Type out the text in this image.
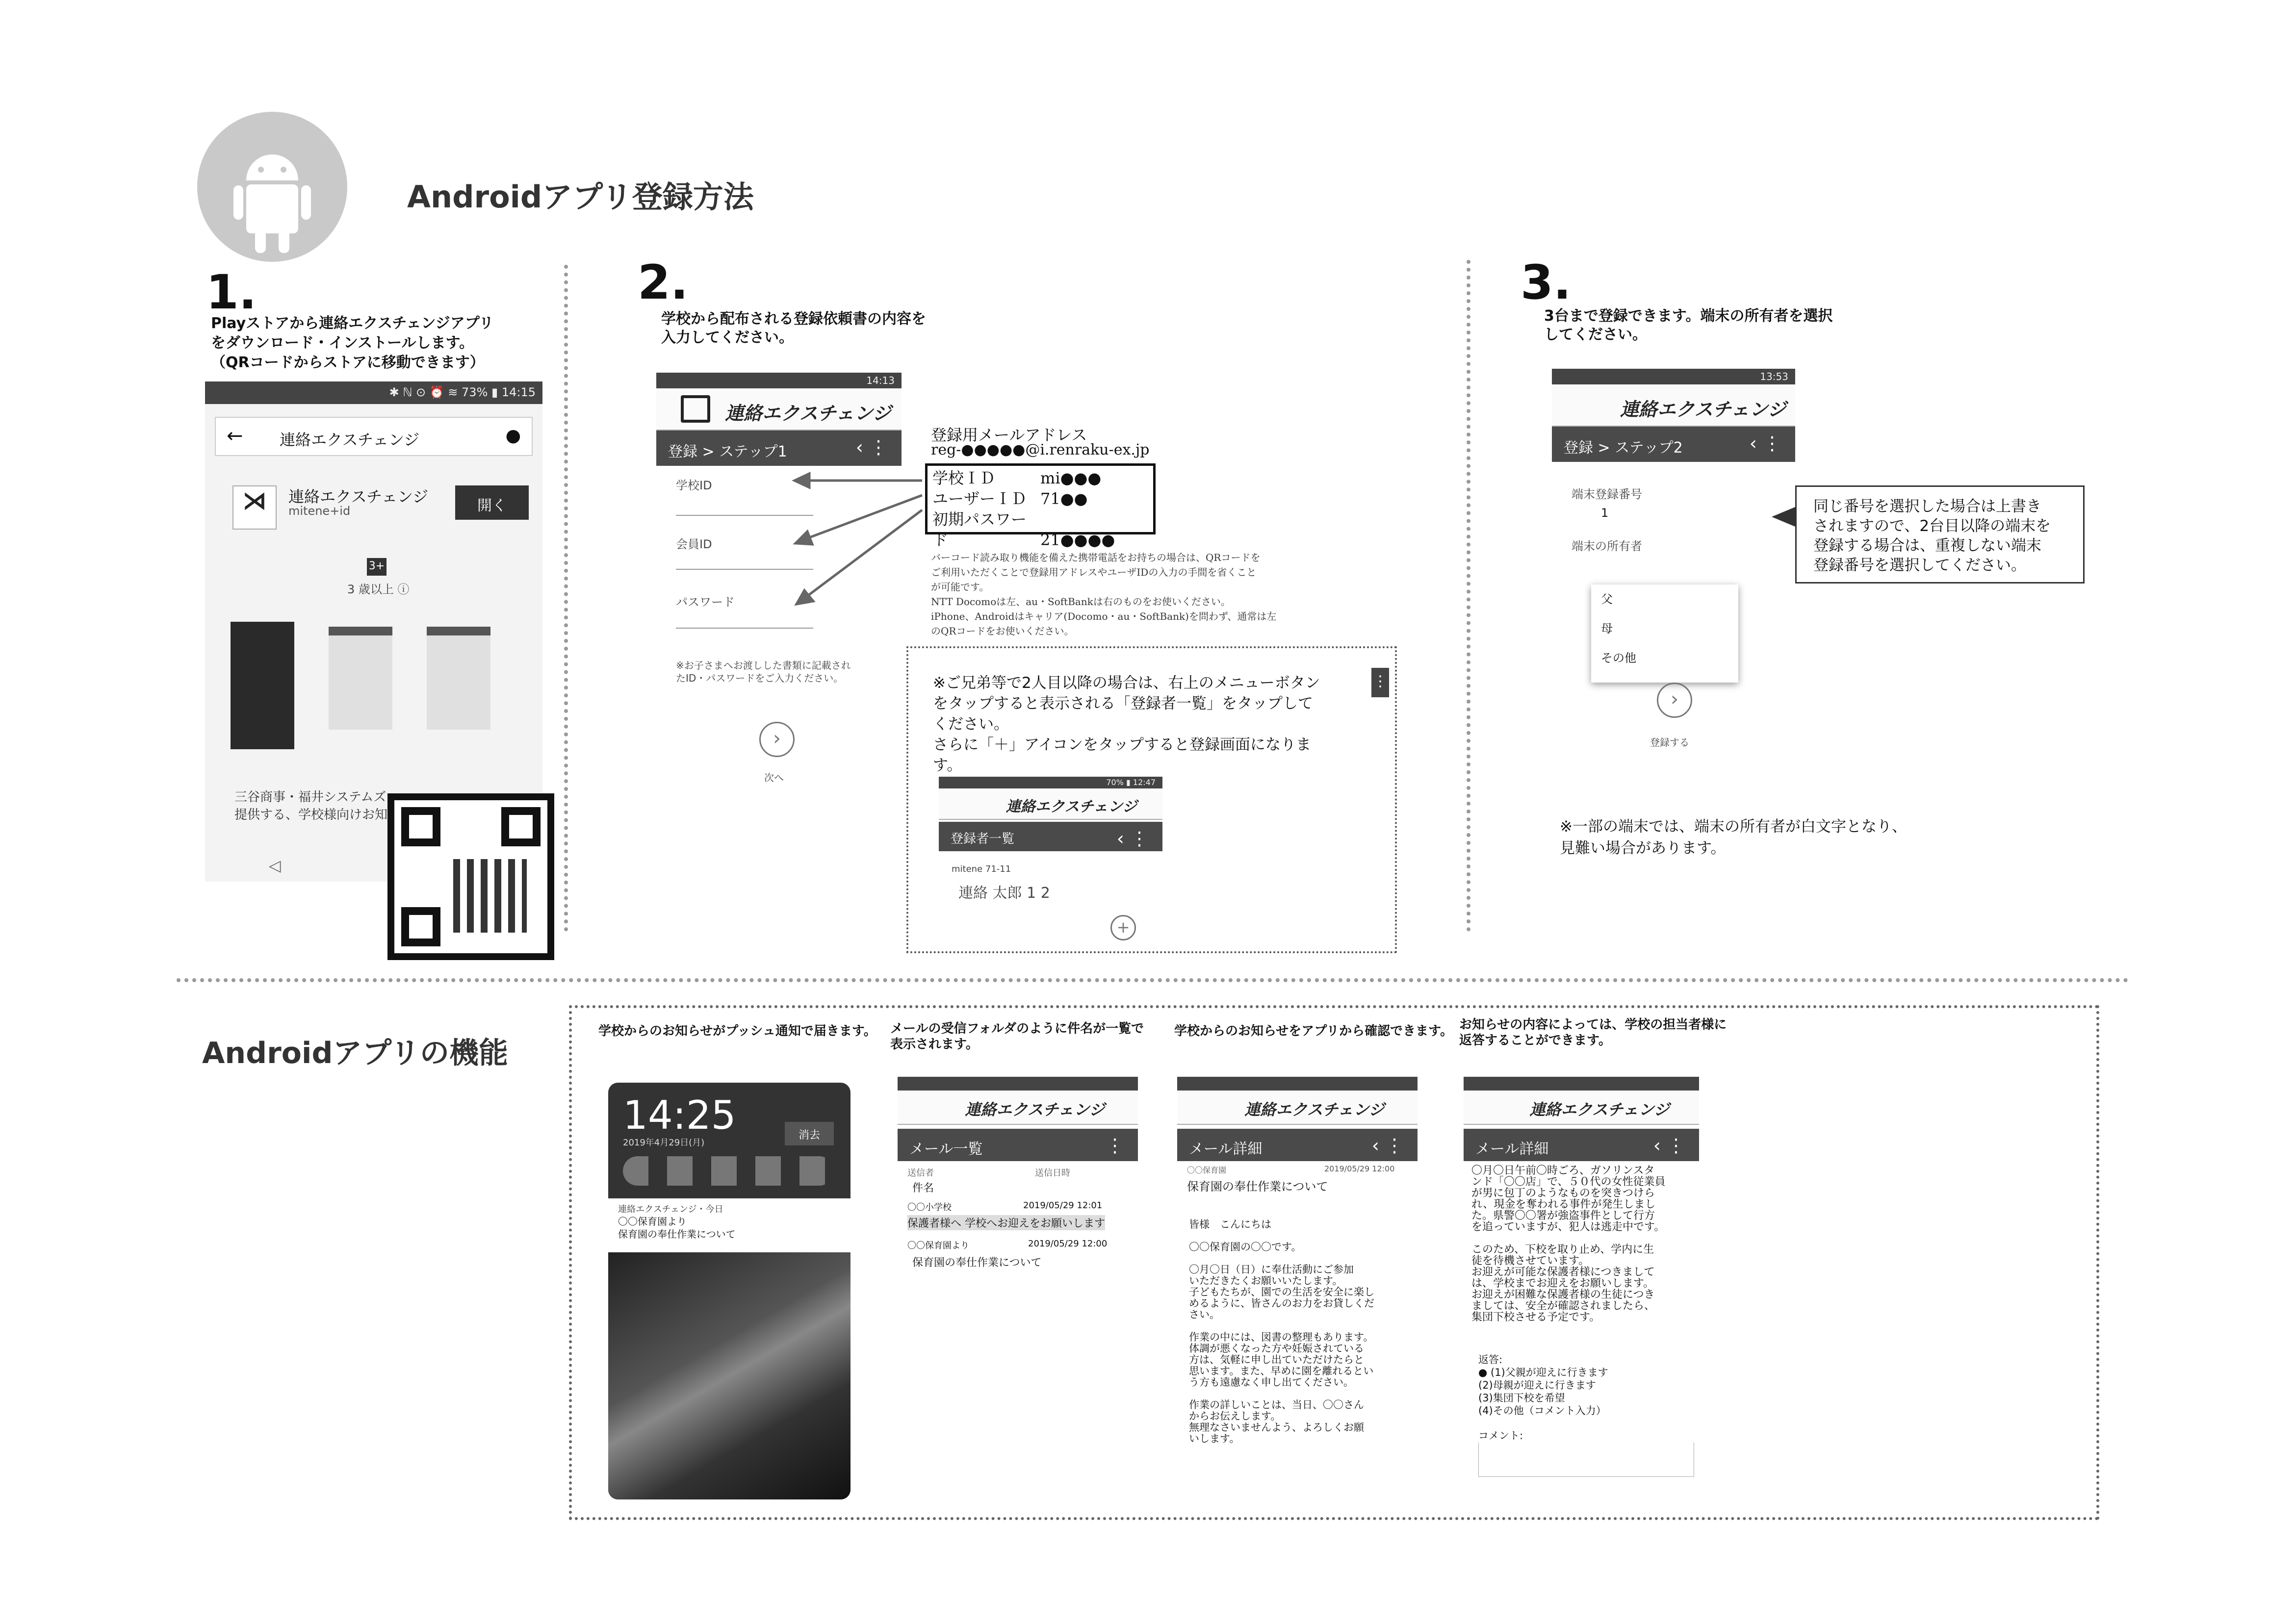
Androidアプリ登録方法
1.
Playストアから連絡エクスチェンジアプリ
をダウンロード・インストールします。
（QRコードからストアに移動できます）
✱ ℕ ⊙ ⏰ ≋ 73% ▮ 14:15
← 連絡エクスチェンジ	●
⋊	連絡エクスチェンジ
mitene+id	開く
3+
3 歳以上 ⓘ
三谷商事・福井システムズ
提供する、学校様向けお知
◁
2.
学校から配布される登録依頼書の内容を
入力してください。
14:13
連絡エクスチェンジ
登録 > ステップ1	‹ ⋮
学校ID
会員ID
パスワード
※お子さまへお渡しした書類に記載され
たID・パスワードをご入力ください。
›
次へ
登録用メールアドレス
reg-●●●●●@i.renraku-ex.jp
学校ＩＤ	mi●●●
ユーザーＩＤ 71●●
初期パスワード	21●●●●
バーコード読み取り機能を備えた携帯電話をお持ちの場合は、QRコードを
ご利用いただくことで登録用アドレスやユーザIDの入力の手間を省くこと
が可能です。
NTT Docomoは左、au・SoftBankは右のものをお使いください。
iPhone、Androidはキャリア(Docomo・au・SoftBank)を問わず、通常は左
のQRコードをお使いください。
※ご兄弟等で2人目以降の場合は、右上のメニューボタン
をタップすると表示される「登録者一覧」をタップして
ください。
さらに「＋」アイコンをタップすると登録画面になりま
す。
⋮
70% ▮ 12:47
連絡エクスチェンジ
登録者一覧	‹ ⋮
mitene 71-11
連絡 太郎 1 2
+
3.
3台まで登録できます。端末の所有者を選択
してください。
13:53
連絡エクスチェンジ
登録 > ステップ2	‹ ⋮
端末登録番号
1
端末の所有者
父
母
その他
›
登録する
同じ番号を選択した場合は上書き
されますので、2台目以降の端末を
登録する場合は、重複しない端末
登録番号を選択してください。
※一部の端末では、端末の所有者が白文字となり、
見難い場合があります。
Androidアプリの機能
学校からのお知らせがプッシュ通知で届きます。 メールの受信フォルダのように件名が一覧で
表示されます。
学校からのお知らせをアプリから確認できます。 お知らせの内容によっては、学校の担当者様に
返答することができます。
14:25
2019年4月29日(月)
消去
連絡エクスチェンジ・今日
〇〇保育園より
保育園の奉仕作業について
連絡エクスチェンジ
メール一覧	⋮
送信者	送信日時
件名
〇〇小学校	2019/05/29 12:01
保護者様へ 学校へお迎えをお願いします
〇〇保育園より	2019/05/29 12:00
保育園の奉仕作業について
連絡エクスチェンジ
メール詳細	‹ ⋮
〇〇保育園	2019/05/29 12:00
保育園の奉仕作業について
皆様　こんにちは

〇〇保育園の〇〇です。

〇月〇日（日）に奉仕活動にご参加
いただきたくお願いいたします。
子どもたちが、園での生活を安全に楽し
めるように、皆さんのお力をお貸しくだ
さい。

作業の中には、図書の整理もあります。
体調が悪くなった方や妊娠されている
方は、気軽に申し出ていただけたらと
思います。また、早めに園を離れるとい
う方も遠慮なく申し出てください。

作業の詳しいことは、当日、〇〇さん
からお伝えします。
無理なさいませんよう、よろしくお願
いします。
連絡エクスチェンジ
メール詳細	‹ ⋮
〇月〇日午前〇時ごろ、ガソリンスタ
ンド「〇〇店」で、５０代の女性従業員
が男に包丁のようなものを突きつけら
れ、現金を奪われる事件が発生しまし
た。県警〇〇署が強盗事件として行方
を追っていますが、犯人は逃走中です。

このため、下校を取り止め、学内に生
徒を待機させています。
お迎えが可能な保護者様につきまして
は、学校までお迎えをお願いします。
お迎えが困難な保護者様の生徒につき
ましては、安全が確認されましたら、
集団下校させる予定です。
返答:
● (1)父親が迎えに行きます
(2)母親が迎えに行きます
(3)集団下校を希望
(4)その他（コメント入力）
コメント:
